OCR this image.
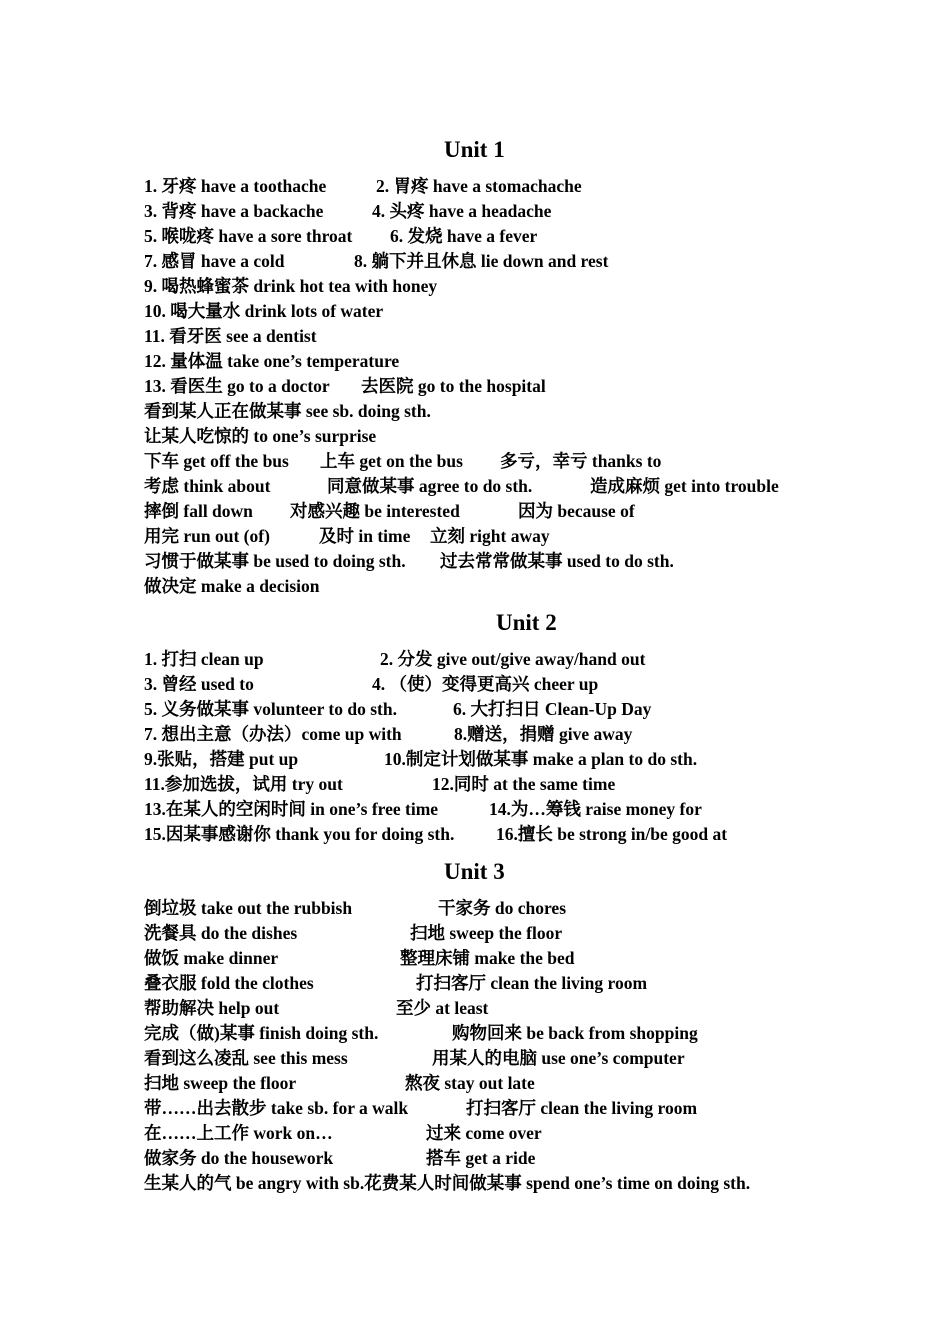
Unit 1
1. 牙疼 have a toothache	2. 胃疼 have a stomachache
3. 背疼 have a backache	4. 头疼 have a headache
5. 喉咙疼 have a sore throat 6. 发烧 have a fever
7. 感冒 have a cold	8. 躺下并且休息 lie down and rest
9. 喝热蜂蜜茶 drink hot tea with honey
10. 喝大量水 drink lots of water
11. 看牙医 see a dentist
12. 量体温 take one’s temperature
13. 看医生 go to a doctor 去医院 go to the hospital
看到某人正在做某事 see sb. doing sth.
让某人吃惊的 to one’s surprise
下车 get off the bus 上车 get on the bus 多亏，幸亏 thanks to
考虑 think about	同意做某事 agree to do sth.	造成麻烦 get into trouble
摔倒 fall down 对感兴趣 be interested	因为 because of
用完 run out (of)	及时 in time 立刻 right away
习惯于做某事 be used to doing sth. 过去常常做某事 used to do sth.
做决定 make a decision
Unit 2
1. 打扫 clean up	2. 分发 give out/give away/hand out
3. 曾经 used to	4. （使）变得更高兴 cheer up
5. 义务做某事 volunteer to do sth.	6. 大打扫日 Clean-Up Day
7. 想出主意（办法）come up with	8.赠送，捐赠 give away
9.张贴，搭建 put up	10.制定计划做某事 make a plan to do sth.
11.参加选拔，试用 try out	12.同时 at the same time
13.在某人的空闲时间 in one’s free time	14.为…筹钱 raise money for
15.因某事感谢你 thank you for doing sth. 16.擅长 be strong in/be good at
Unit 3
倒垃圾 take out the rubbish	干家务 do chores
洗餐具 do the dishes	扫地 sweep the floor
做饭 make dinner	整理床铺 make the bed
叠衣服 fold the clothes	打扫客厅 clean the living room
帮助解决 help out	至少 at least
完成（做)某事 finish doing sth.	购物回来 be back from shopping
看到这么凌乱 see this mess	用某人的电脑 use one’s computer
扫地 sweep the floor	熬夜 stay out late
带……出去散步 take sb. for a walk	打扫客厅 clean the living room
在……上工作 work on…	过来 come over
做家务 do the housework	搭车 get a ride
生某人的气 be angry with sb.花费某人时间做某事 spend one’s time on doing sth.
